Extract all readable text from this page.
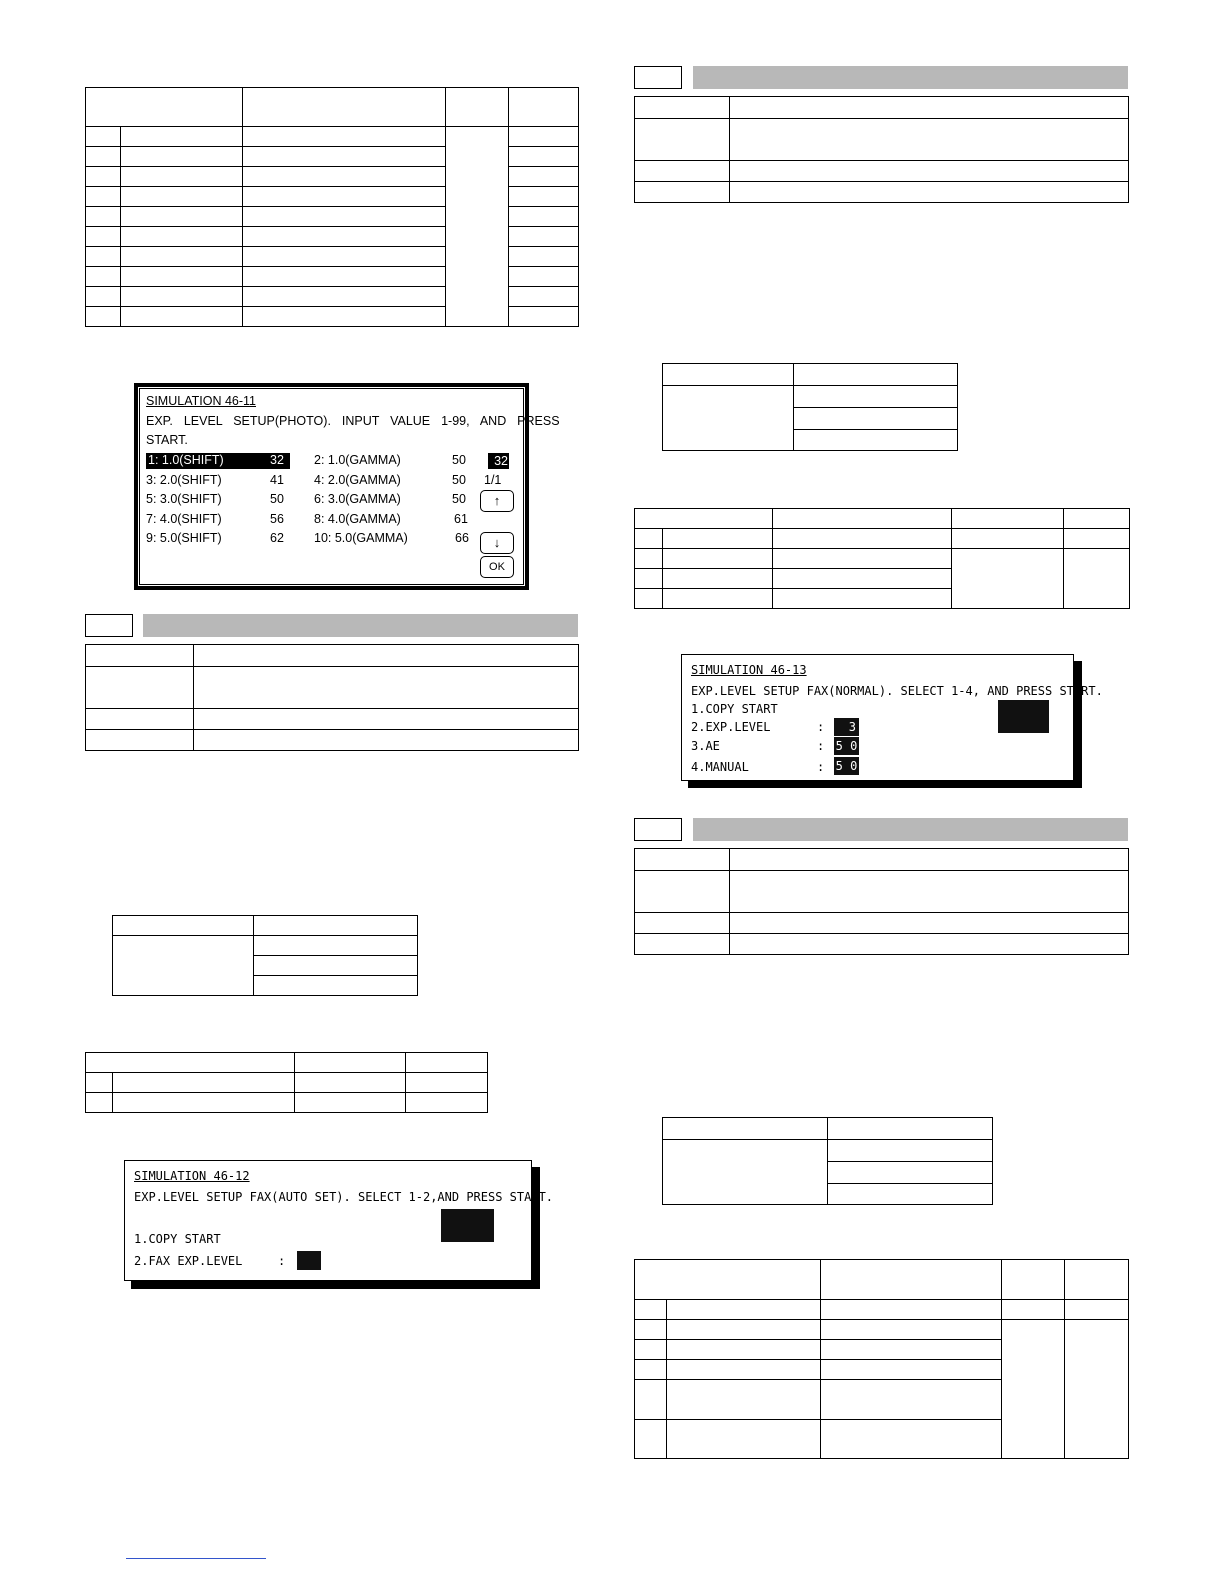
SIMULATION 46-11
EXP.  LEVEL  SETUP(PHOTO).  INPUT  VALUE  1-99,  AND  PRESS
START.
1: 1.0(SHIFT)	32 2: 1.0(GAMMA)	50
3: 2.0(SHIFT)	41 4: 2.0(GAMMA)	50
5: 3.0(SHIFT)	50 6: 3.0(GAMMA)	50
7: 4.0(SHIFT)	56 8: 4.0(GAMMA)	61
9: 5.0(SHIFT)	62 10: 5.0(GAMMA)	66
32
1/1
↑
↓
OK

SIMULATION 46-12
EXP.LEVEL SETUP FAX(AUTO SET). SELECT 1-2,AND PRESS START.
1.COPY START
2.FAX EXP.LEVEL	:

SIMULATION 46-13
EXP.LEVEL SETUP FAX(NORMAL). SELECT 1-4, AND PRESS START.
1.COPY START
2.EXP.LEVEL	:	3
3.AE	: 5 0
4.MANUAL	: 5 0
